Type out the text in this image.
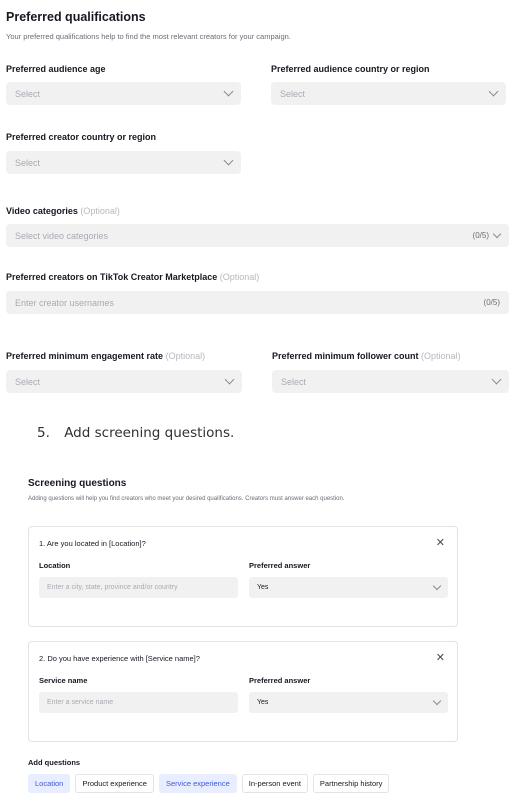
Preferred qualifications
Your preferred qualifications help to find the most relevant creators for your campaign.
Preferred audience age
Select
Preferred audience country or region
Select
Preferred creator country or region
Select
Video categories (Optional)
Select video categories	(0/5)
Preferred creators on TikTok Creator Marketplace (Optional)
Enter creator usernames	(0/5)
Preferred minimum engagement rate (Optional)
Select
Preferred minimum follower count (Optional)
Select
5. Add screening questions.
Screening questions
Adding questions will help you find creators who meet your desired qualifications. Creators must answer each question.
1. Are you located in [Location]?	✕
Location	Preferred answer
Enter a city, state, province and/or country	Yes
2. Do you have experience with [Service name]?	✕
Service name	Preferred answer
Enter a service name	Yes
Add questions
Location	Product experience	Service experience	In-person event	Partnership history
